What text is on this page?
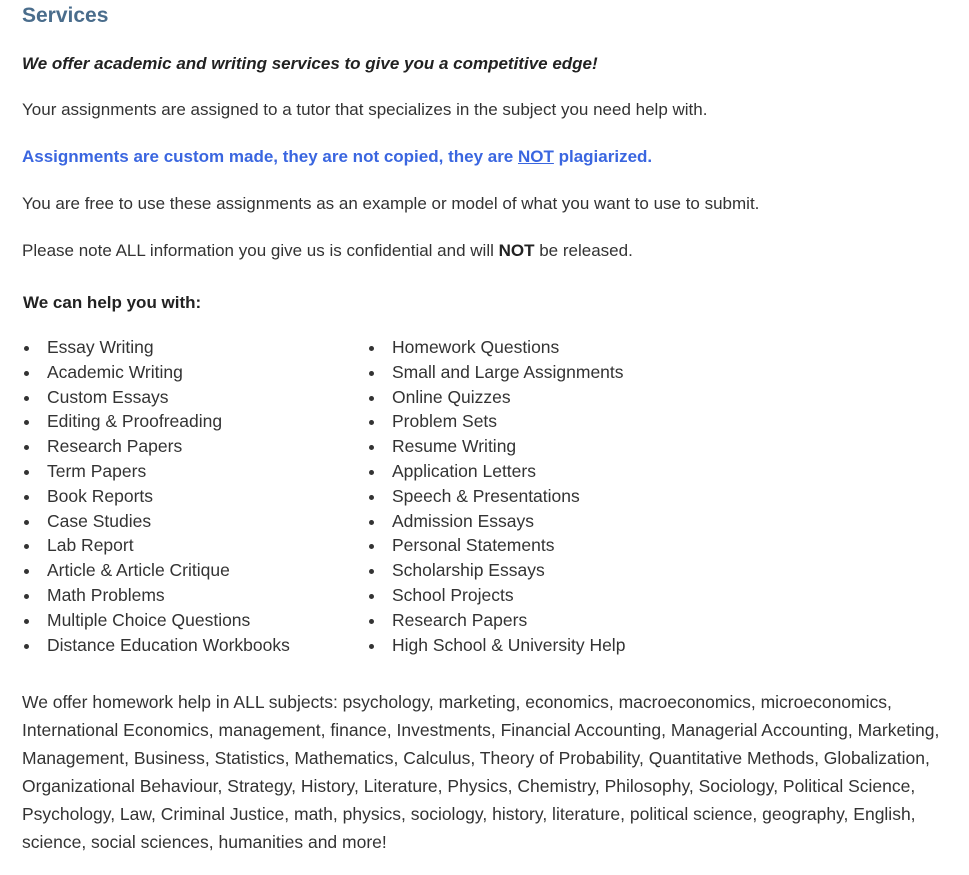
Services

We offer academic and writing services to give you a competitive edge!

Your assignments are assigned to a tutor that specializes in the subject you need help with.

Assignments are custom made, they are not copied, they are NOT plagiarized.

You are free to use these assignments as an example or model of what you want to use to submit.

Please note ALL information you give us is confidential and will NOT be released.

We can help you with:

Essay Writing
Academic Writing
Custom Essays
Editing & Proofreading
Research Papers
Term Papers
Book Reports
Case Studies
Lab Report
Article & Article Critique
Math Problems
Multiple Choice Questions
Distance Education Workbooks
Homework Questions
Small and Large Assignments
Online Quizzes
Problem Sets
Resume Writing
Application Letters
Speech & Presentations
Admission Essays
Personal Statements
Scholarship Essays
School Projects
Research Papers
High School & University Help

We offer homework help in ALL subjects: psychology, marketing, economics, macroeconomics, microeconomics, International Economics, management, finance, Investments, Financial Accounting, Managerial Accounting, Marketing, Management, Business, Statistics, Mathematics, Calculus, Theory of Probability, Quantitative Methods, Globalization, Organizational Behaviour, Strategy, History, Literature, Physics, Chemistry, Philosophy, Sociology, Political Science, Psychology, Law, Criminal Justice, math, physics, sociology, history, literature, political science, geography, English, science, social sciences, humanities and more!
